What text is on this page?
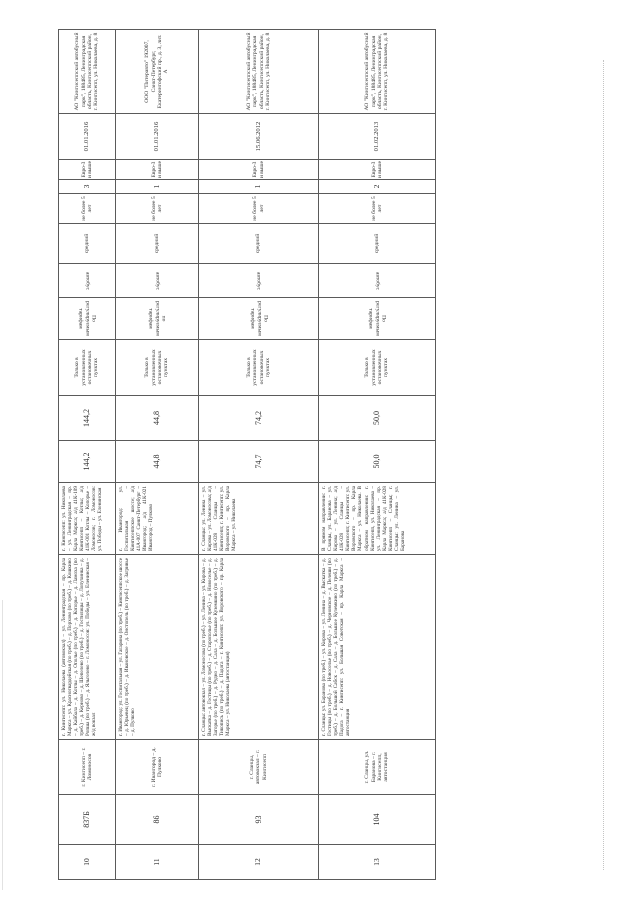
10
837Б
г. Кингисепп – г. Ломоносов
г. Кингисепп: ул. Николаева (автовокзал) – ул. Ленинградская – пр. Карла Маркса – ул. Красногвардейская (по треб.) – д. Порхово (по треб.) – д. Кошкино – д. Кайбала – д. Котлы – д. Ополье (по треб.) – д. Копорье – д. Ламоха (по треб.) – д. Керново – д. Шепелево (по треб.) – д. Гостилицы – д. Лопухинка – д. Ропша (по треб.) – д. Яльгелево – г. Ломоносов: ул. Победы – ул. Еленинская – ж/д вокзал
г. Кингисепп: ул. Николаева – ул. Ленинградская – пр. Карла Маркса; а/д 41К-109 Кингисепп – Котлы; а/д 41К-001 Котлы – Копорье – Ломоносов; г. Ломоносов: ул. Победы – ул. Еленинская
144,2
144,2
Только в установленных остановочных пунктах
По регулируемым тарифам
автобус
средний
не более 5 лет
3
Евро-3 и выше
01.01.2016
АО "Кингисеппский автобусный парк", 188485, Ленинградская область, Кингисеппский район, г. Кингисепп, ул. Николаева, д. 8
11
86
г. Ивангород – д. Пулково
г. Ивангород: ул. Госпитальная – ул. Гагарина (по треб.) – Кингисеппское шоссе – д. Юрьевец (по треб.) – д. Ивановское – д. Онстопель (по треб.) – д. Загривье – д. Пулково
г. Ивангород: ул. Госпитальная – Кингисеппское шоссе; а/д 41А-007 Санкт-Петербург – Ивангород; а/д 41К-021 Ивангород – Пулково
44,8
44,8
Только в установленных остановочных пунктах
по регулируемым тарифам
автобус
средний
не более 5 лет
1
Евро-3 и выше
01.01.2016
ООО "Питеравто" 192007, Санкт-Петербург, Екатерингофский пр., д. 3, лит. А
12
93
г. Сланцы, автовокзал – г. Кингисепп
г. Сланцы: автовокзал – ул. Ломоносова (по треб.) – ул. Ленина – ул. Кирова – д. Выскатка – д. Гостицы (по треб.) – д. Старополье (по треб.) – д. Новоселье – д. Загорье (по треб.) – д. Рудно – д. Сала – д. Большое Куземкино (по треб.) – д. Тикопись (по треб.) – д. Падога – г. Кингисепп: ул. Воровского – пр. Карла Маркса – ул. Николаева (автостанция)
г. Сланцы: ул. Ленина – ул. Кирова – ул. Ломоносова; а/д 41К-028 Сланцы – Кингисепп; г. Кингисепп: ул. Воровского – пр. Карла Маркса – ул. Николаева
74,7
74,2
Только в установленных остановочных пунктах
По регулируемым тарифам
автобус
средний
не более 5 лет
1
Евро-3 и выше
15.06.2012
АО "Кингисеппский автобусный парк", 188485, Ленинградская область, Кингисеппский район, г. Кингисепп, ул. Николаева, д. 8
13
104
г. Сланцы, ул. Баранова – г. Кингисепп, автостанция
г. Сланцы: ул. Баранова (по треб.) – ул. Кирова – ул. Ленина – д. Выскатка – д. Гостицы (по треб.) – д. Новоселье (по треб.) – д. Черновское – д. Пелеши (по треб.) – д. Большой Сабск – д. Сала – д. Большое Куземкино (по треб.) – д. Падога – г. Кингисепп: ул. Большая Советская – пр. Карла Маркса – автостанция
В прямом направлении: г. Сланцы, ул. Баранова – ул. Кирова – ул. Ленина; а/д 41К-028 Сланцы – Кингисепп; г. Кингисепп: ул. Воровского – пр. Карла Маркса – ул. Николаева. В обратном направлении: г. Кингисепп, ул. Николаева – ул. Ленинградская – пр. Карла Маркса; а/д 41К-028 Кингисепп – Сланцы; г. Сланцы: ул. Ленина – ул. Баранова
50,0
50,0
Только в установленных остановочных пунктах
По регулируемым тарифам
автобус
средний
не более 5 лет
2
Евро-3 и выше
01.02.2013
АО "Кингисеппский автобусный парк", 188485, Ленинградская область, Кингисеппский район, г. Кингисепп, ул. Николаева, д. 8
